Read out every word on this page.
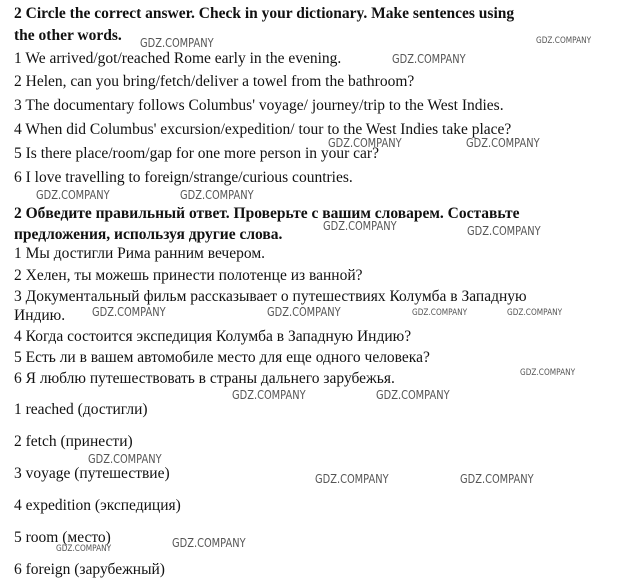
2 Circle the correct answer. Check in your dictionary. Make sentences using
the other words.
1 We arrived/got/reached Rome early in the evening.
2 Helen, can you bring/fetch/deliver a towel from the bathroom?
3 The documentary follows Columbus' voyage/ journey/trip to the West Indies.
4 When did Columbus' excursion/expedition/ tour to the West Indies take place?
5 Is there place/room/gap for one more person in your car?
6 I love travelling to foreign/strange/curious countries.
2 Обведите правильный ответ. Проверьте с вашим словарем. Составьте
предложения, используя другие слова.
1 Мы достигли Рима ранним вечером.
2 Хелен, ты можешь принести полотенце из ванной?
3 Документальный фильм рассказывает о путешествиях Колумба в Западную
Индию.
4 Когда состоится экспедиция Колумба в Западную Индию?
5 Есть ли в вашем автомобиле место для еще одного человека?
6 Я люблю путешествовать в страны дальнего зарубежья.
1 reached (достигли)
2 fetch (принести)
3 voyage (путешествие)
4 expedition (экспедиция)
5 room (место)
6 foreign (зарубежный)
GDZ.COMPANY	GDZ.COMPANY
GDZ.COMPANY
GDZ.COMPANY	GDZ.COMPANY
GDZ.COMPANY	GDZ.COMPANY
GDZ.COMPANY	GDZ.COMPANY
GDZ.COMPANY	GDZ.COMPANY	GDZ.COMPANY	GDZ.COMPANY
GDZ.COMPANY
GDZ.COMPANY	GDZ.COMPANY
GDZ.COMPANY
GDZ.COMPANY	GDZ.COMPANY
GDZ.COMPANY	GDZ.COMPANY
